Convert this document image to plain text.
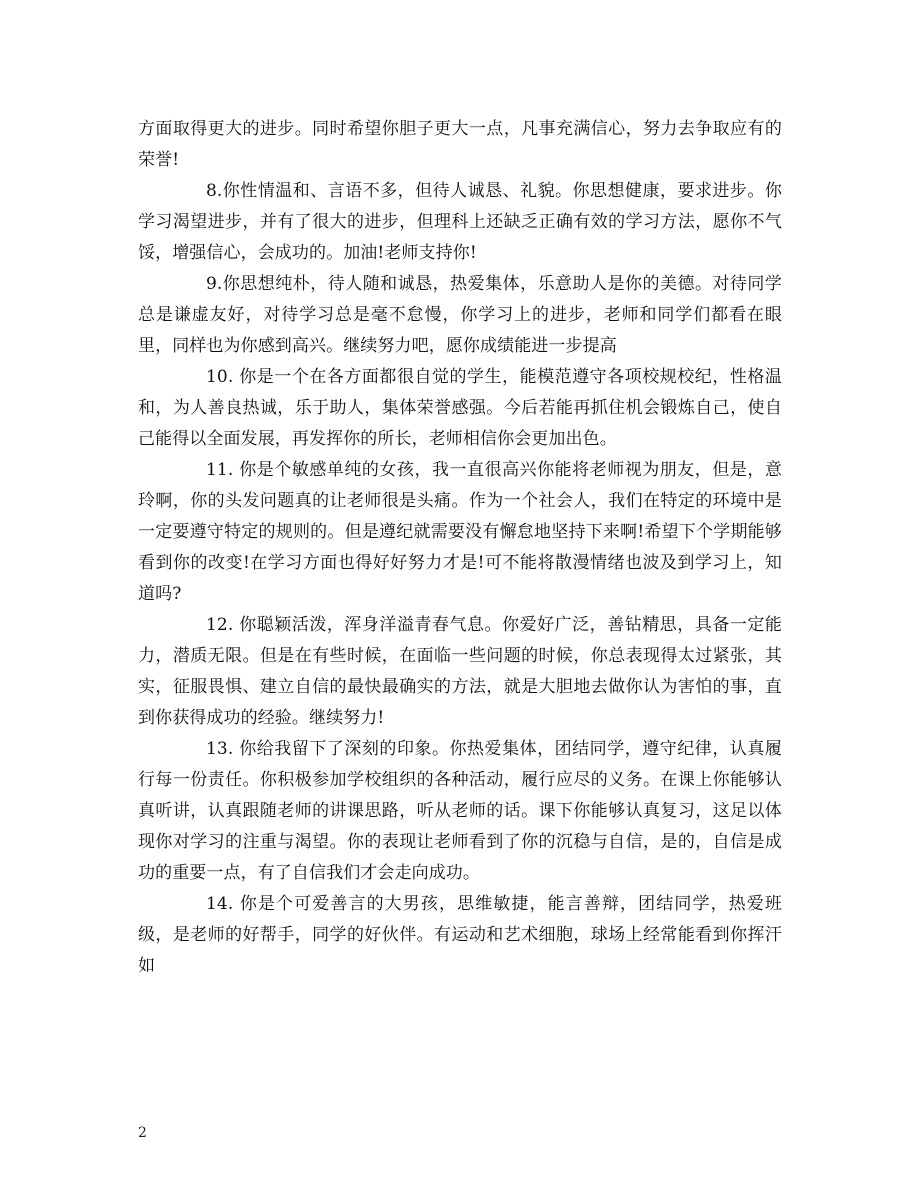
方面取得更大的进步。同时希望你胆子更大一点，凡事充满信心，努力去争取应有的荣誉!

8.你性情温和、言语不多，但待人诚恳、礼貌。你思想健康，要求进步。你学习渴望进步，并有了很大的进步，但理科上还缺乏正确有效的学习方法，愿你不气馁，增强信心，会成功的。加油!老师支持你!

9.你思想纯朴，待人随和诚恳，热爱集体，乐意助人是你的美德。对待同学总是谦虚友好，对待学习总是毫不怠慢，你学习上的进步，老师和同学们都看在眼里，同样也为你感到高兴。继续努力吧，愿你成绩能进一步提高

10. 你是一个在各方面都很自觉的学生，能模范遵守各项校规校纪，性格温和，为人善良热诚，乐于助人，集体荣誉感强。今后若能再抓住机会锻炼自己，使自己能得以全面发展，再发挥你的所长，老师相信你会更加出色。

11. 你是个敏感单纯的女孩，我一直很高兴你能将老师视为朋友，但是，意玲啊，你的头发问题真的让老师很是头痛。作为一个社会人，我们在特定的环境中是一定要遵守特定的规则的。但是遵纪就需要没有懈怠地坚持下来啊!希望下个学期能够看到你的改变!在学习方面也得好好努力才是!可不能将散漫情绪也波及到学习上，知道吗?

12. 你聪颖活泼，浑身洋溢青春气息。你爱好广泛，善钻精思，具备一定能力，潜质无限。但是在有些时候，在面临一些问题的时候，你总表现得太过紧张，其实，征服畏惧、建立自信的最快最确实的方法，就是大胆地去做你认为害怕的事，直到你获得成功的经验。继续努力!

13. 你给我留下了深刻的印象。你热爱集体，团结同学，遵守纪律，认真履行每一份责任。你积极参加学校组织的各种活动，履行应尽的义务。在课上你能够认真听讲，认真跟随老师的讲课思路，听从老师的话。课下你能够认真复习，这足以体现你对学习的注重与渴望。你的表现让老师看到了你的沉稳与自信，是的，自信是成功的重要一点，有了自信我们才会走向成功。

14. 你是个可爱善言的大男孩，思维敏捷，能言善辩，团结同学，热爱班级，是老师的好帮手，同学的好伙伴。有运动和艺术细胞，球场上经常能看到你挥汗如

2
